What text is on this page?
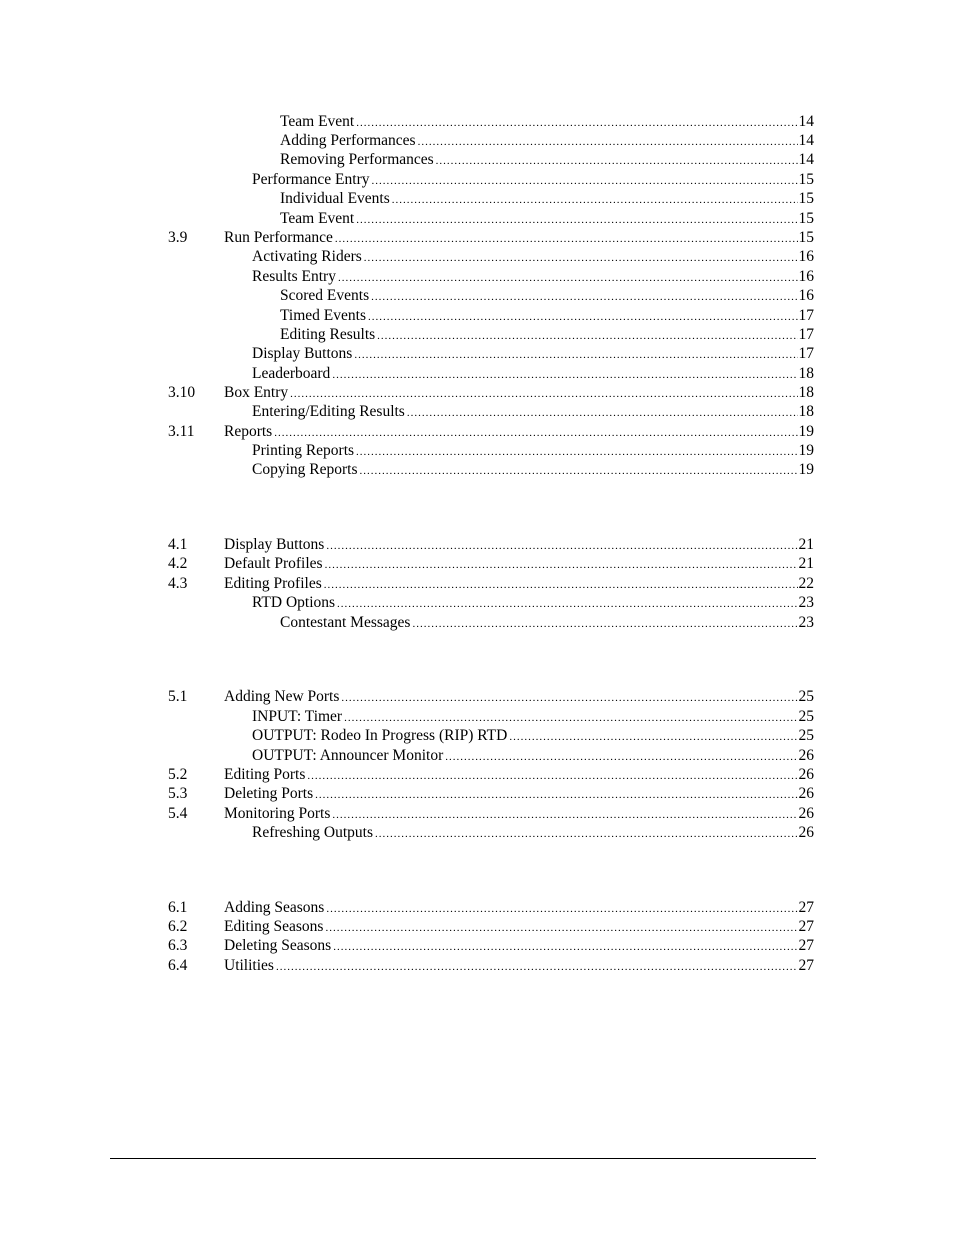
Team Event .....	14
Adding Performances .....	14
Removing Performances .....	14
Performance Entry .....	15
Individual Events .....	15
Team Event .....	15
3.9 Run Performance .....	15
Activating Riders .....	16
Results Entry .....	16
Scored Events .....	16
Timed Events .....	17
Editing Results .....	17
Display Buttons .....	17
Leaderboard .....	18
3.10 Box Entry .....	18
Entering/Editing Results .....	18
3.11 Reports .....	19
Printing Reports .....	19
Copying Reports .....	19
4.1 Display Buttons .....	21
4.2 Default Profiles .....	21
4.3 Editing Profiles .....	22
RTD Options .....	23
Contestant Messages .....	23
5.1 Adding New Ports .....	25
INPUT: Timer .....	25
OUTPUT: Rodeo In Progress (RIP) RTD .....	25
OUTPUT: Announcer Monitor .....	26
5.2 Editing Ports .....	26
5.3 Deleting Ports .....	26
5.4 Monitoring Ports .....	26
Refreshing Outputs .....	26
6.1 Adding Seasons .....	27
6.2 Editing Seasons .....	27
6.3 Deleting Seasons .....	27
6.4 Utilities .....	27
